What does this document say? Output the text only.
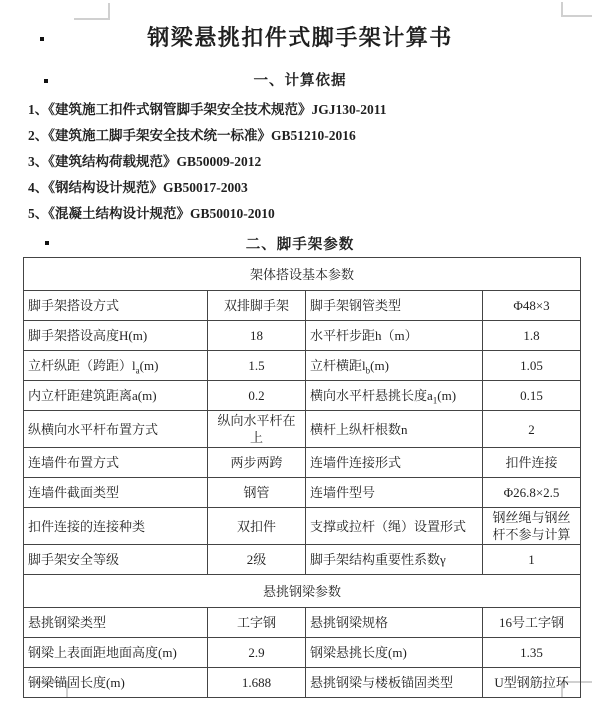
钢梁悬挑扣件式脚手架计算书
一、计算依据
1、《建筑施工扣件式钢管脚手架安全技术规范》JGJ130-2011
2、《建筑施工脚手架安全技术统一标准》GB51210-2016
3、《建筑结构荷载规范》GB50009-2012
4、《钢结构设计规范》GB50017-2003
5、《混凝土结构设计规范》GB50010-2010
二、脚手架参数
架体搭设基本参数			
脚手架搭设方式	双排脚手架	脚手架钢管类型	Φ48×3
脚手架搭设高度H(m)	18	水平杆步距h（m）	1.8
立杆纵距（跨距）$l_a(m)$	1.5	立杆横距$l_b(m)$	1.05
内立杆距建筑距离a(m)	0.2	横向水平杆悬挑长度$a_1(m)$	0.15
纵横向水平杆布置方式	纵向水平杆在上	横杆上纵杆根数n	2
连墙件布置方式	两步两跨	连墙件连接形式	扣件连接
连墙件截面类型	钢管	连墙件型号	Φ26.8×2.5
扣件连接的连接种类	双扣件	支撑或拉杆（绳）设置形式	钢丝绳与钢丝杆不参与计算
脚手架安全等级	2级	脚手架结构重要性系数γ	1
悬挑钢梁参数			
悬挑钢梁类型	工字钢	悬挑钢梁规格	16号工字钢
钢梁上表面距地面高度(m)	2.9	钢梁悬挑长度(m)	1.35
钢梁锚固长度(m)	1.688	悬挑钢梁与楼板锚固类型	U型钢筋拉环
